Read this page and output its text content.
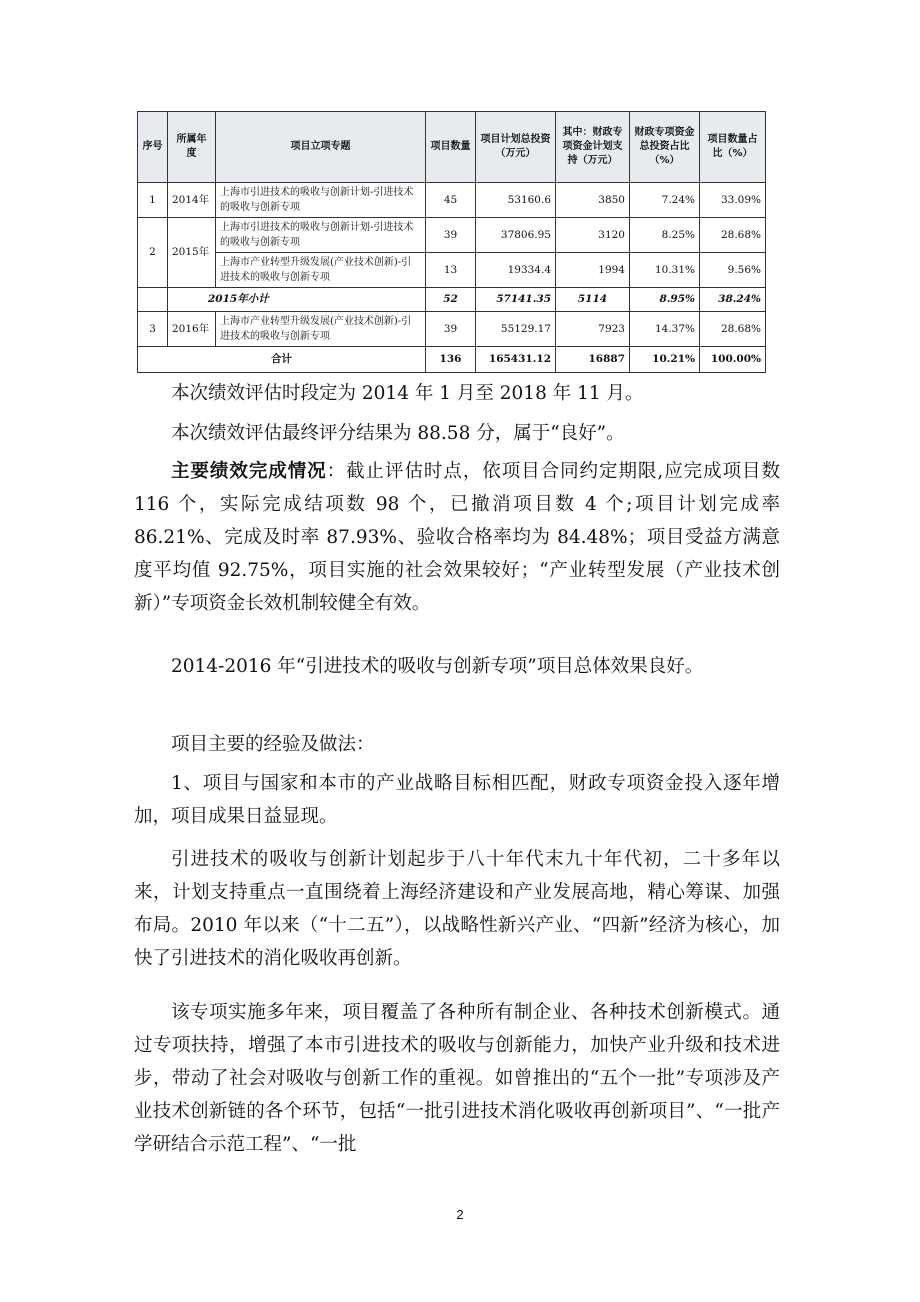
序号	所属年度	项目立项专题	项目数量	项目计划总投资（万元）	其中：财政专项资金计划支持（万元）	财政专项资金总投资占比（%）	项目数量占比（%）
1	2014年	上海市引进技术的吸收与创新计划-引进技术的吸收与创新专项	45	53160.6	3850	7.24%	33.09%
2	2015年	上海市引进技术的吸收与创新计划-引进技术的吸收与创新专项	39	37806.95	3120	8.25%	28.68%
		上海市产业转型升级发展(产业技术创新)-引进技术的吸收与创新专项	13	19334.4	1994	10.31%	9.56%
	2015年小计		52	57141.35	5114	8.95%	38.24%
3	2016年	上海市产业转型升级发展(产业技术创新)-引进技术的吸收与创新专项	39	55129.17	7923	14.37%	28.68%
合计			136	165431.12	16887	10.21%	100.00%
本次绩效评估时段定为 2014 年 1 月至 2018 年 11 月。
本次绩效评估最终评分结果为 88.58 分，属于“良好”。
主要绩效完成情况：截止评估时点，依项目合同约定期限,应完成项目数 116 个，实际完成结项数 98 个，已撤消项目数 4 个;项目计划完成率 86.21%、完成及时率 87.93%、验收合格率均为 84.48%；项目受益方满意度平均值 92.75%，项目实施的社会效果较好；“产业转型发展（产业技术创新）”专项资金长效机制较健全有效。
2014-2016 年“引进技术的吸收与创新专项”项目总体效果良好。
项目主要的经验及做法：
1、项目与国家和本市的产业战略目标相匹配，财政专项资金投入逐年增加，项目成果日益显现。
引进技术的吸收与创新计划起步于八十年代末九十年代初，二十多年以来，计划支持重点一直围绕着上海经济建设和产业发展高地，精心筹谋、加强布局。2010 年以来（“十二五”），以战略性新兴产业、“四新”经济为核心，加快了引进技术的消化吸收再创新。
该专项实施多年来，项目覆盖了各种所有制企业、各种技术创新模式。通过专项扶持，增强了本市引进技术的吸收与创新能力，加快产业升级和技术进步，带动了社会对吸收与创新工作的重视。如曾推出的“五个一批”专项涉及产业技术创新链的各个环节，包括“一批引进技术消化吸收再创新项目”、“一批产学研结合示范工程”、“一批
2
